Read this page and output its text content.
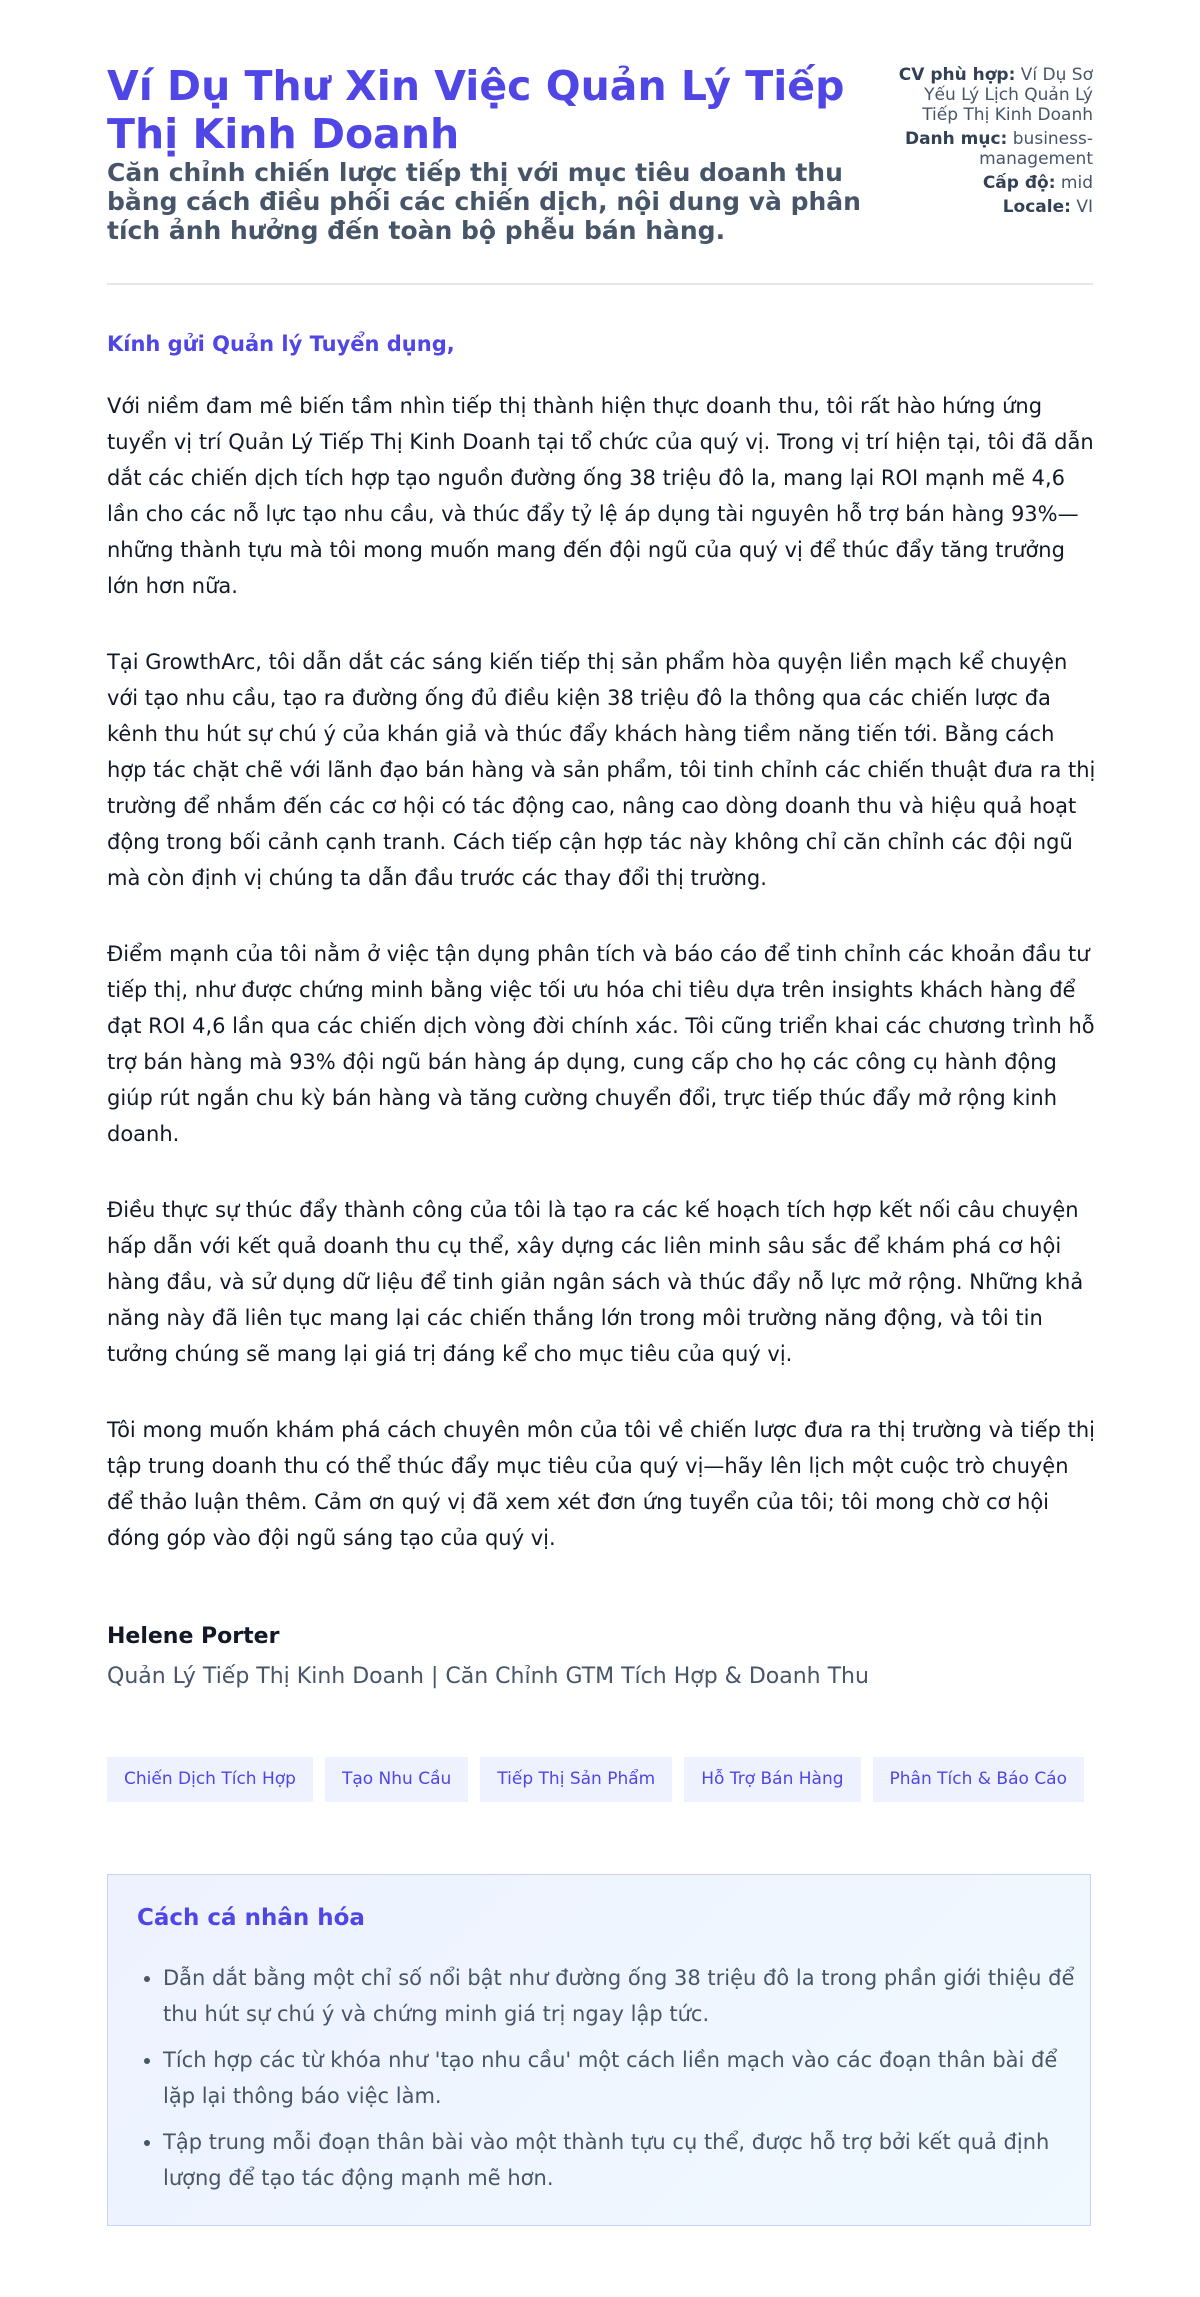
Ví Dụ Thư Xin Việc Quản Lý Tiếp Thị Kinh Doanh
Căn chỉnh chiến lược tiếp thị với mục tiêu doanh thu bằng cách điều phối các chiến dịch, nội dung và phân tích ảnh hưởng đến toàn bộ phễu bán hàng.
CV phù hợp: Ví Dụ Sơ Yếu Lý Lịch Quản Lý Tiếp Thị Kinh Doanh
Danh mục: business-management
Cấp độ: mid
Locale: VI

Kính gửi Quản lý Tuyển dụng,

Với niềm đam mê biến tầm nhìn tiếp thị thành hiện thực doanh thu, tôi rất hào hứng ứng tuyển vị trí Quản Lý Tiếp Thị Kinh Doanh tại tổ chức của quý vị. Trong vị trí hiện tại, tôi đã dẫn dắt các chiến dịch tích hợp tạo nguồn đường ống 38 triệu đô la, mang lại ROI mạnh mẽ 4,6 lần cho các nỗ lực tạo nhu cầu, và thúc đẩy tỷ lệ áp dụng tài nguyên hỗ trợ bán hàng 93%—những thành tựu mà tôi mong muốn mang đến đội ngũ của quý vị để thúc đẩy tăng trưởng lớn hơn nữa.

Tại GrowthArc, tôi dẫn dắt các sáng kiến tiếp thị sản phẩm hòa quyện liền mạch kể chuyện với tạo nhu cầu, tạo ra đường ống đủ điều kiện 38 triệu đô la thông qua các chiến lược đa kênh thu hút sự chú ý của khán giả và thúc đẩy khách hàng tiềm năng tiến tới. Bằng cách hợp tác chặt chẽ với lãnh đạo bán hàng và sản phẩm, tôi tinh chỉnh các chiến thuật đưa ra thị trường để nhắm đến các cơ hội có tác động cao, nâng cao dòng doanh thu và hiệu quả hoạt động trong bối cảnh cạnh tranh. Cách tiếp cận hợp tác này không chỉ căn chỉnh các đội ngũ mà còn định vị chúng ta dẫn đầu trước các thay đổi thị trường.

Điểm mạnh của tôi nằm ở việc tận dụng phân tích và báo cáo để tinh chỉnh các khoản đầu tư tiếp thị, như được chứng minh bằng việc tối ưu hóa chi tiêu dựa trên insights khách hàng để đạt ROI 4,6 lần qua các chiến dịch vòng đời chính xác. Tôi cũng triển khai các chương trình hỗ trợ bán hàng mà 93% đội ngũ bán hàng áp dụng, cung cấp cho họ các công cụ hành động giúp rút ngắn chu kỳ bán hàng và tăng cường chuyển đổi, trực tiếp thúc đẩy mở rộng kinh doanh.

Điều thực sự thúc đẩy thành công của tôi là tạo ra các kế hoạch tích hợp kết nối câu chuyện hấp dẫn với kết quả doanh thu cụ thể, xây dựng các liên minh sâu sắc để khám phá cơ hội hàng đầu, và sử dụng dữ liệu để tinh giản ngân sách và thúc đẩy nỗ lực mở rộng. Những khả năng này đã liên tục mang lại các chiến thắng lớn trong môi trường năng động, và tôi tin tưởng chúng sẽ mang lại giá trị đáng kể cho mục tiêu của quý vị.

Tôi mong muốn khám phá cách chuyên môn của tôi về chiến lược đưa ra thị trường và tiếp thị tập trung doanh thu có thể thúc đẩy mục tiêu của quý vị—hãy lên lịch một cuộc trò chuyện để thảo luận thêm. Cảm ơn quý vị đã xem xét đơn ứng tuyển của tôi; tôi mong chờ cơ hội đóng góp vào đội ngũ sáng tạo của quý vị.

Helene Porter

Quản Lý Tiếp Thị Kinh Doanh | Căn Chỉnh GTM Tích Hợp & Doanh Thu

Chiến Dịch Tích Hợp	Tạo Nhu Cầu	Tiếp Thị Sản Phẩm	Hỗ Trợ Bán Hàng	Phân Tích & Báo Cáo
Cách cá nhân hóa
• Dẫn dắt bằng một chỉ số nổi bật như đường ống 38 triệu đô la trong phần giới thiệu để thu hút sự chú ý và chứng minh giá trị ngay lập tức.
• Tích hợp các từ khóa như 'tạo nhu cầu' một cách liền mạch vào các đoạn thân bài để lặp lại thông báo việc làm.
• Tập trung mỗi đoạn thân bài vào một thành tựu cụ thể, được hỗ trợ bởi kết quả định lượng để tạo tác động mạnh mẽ hơn.
